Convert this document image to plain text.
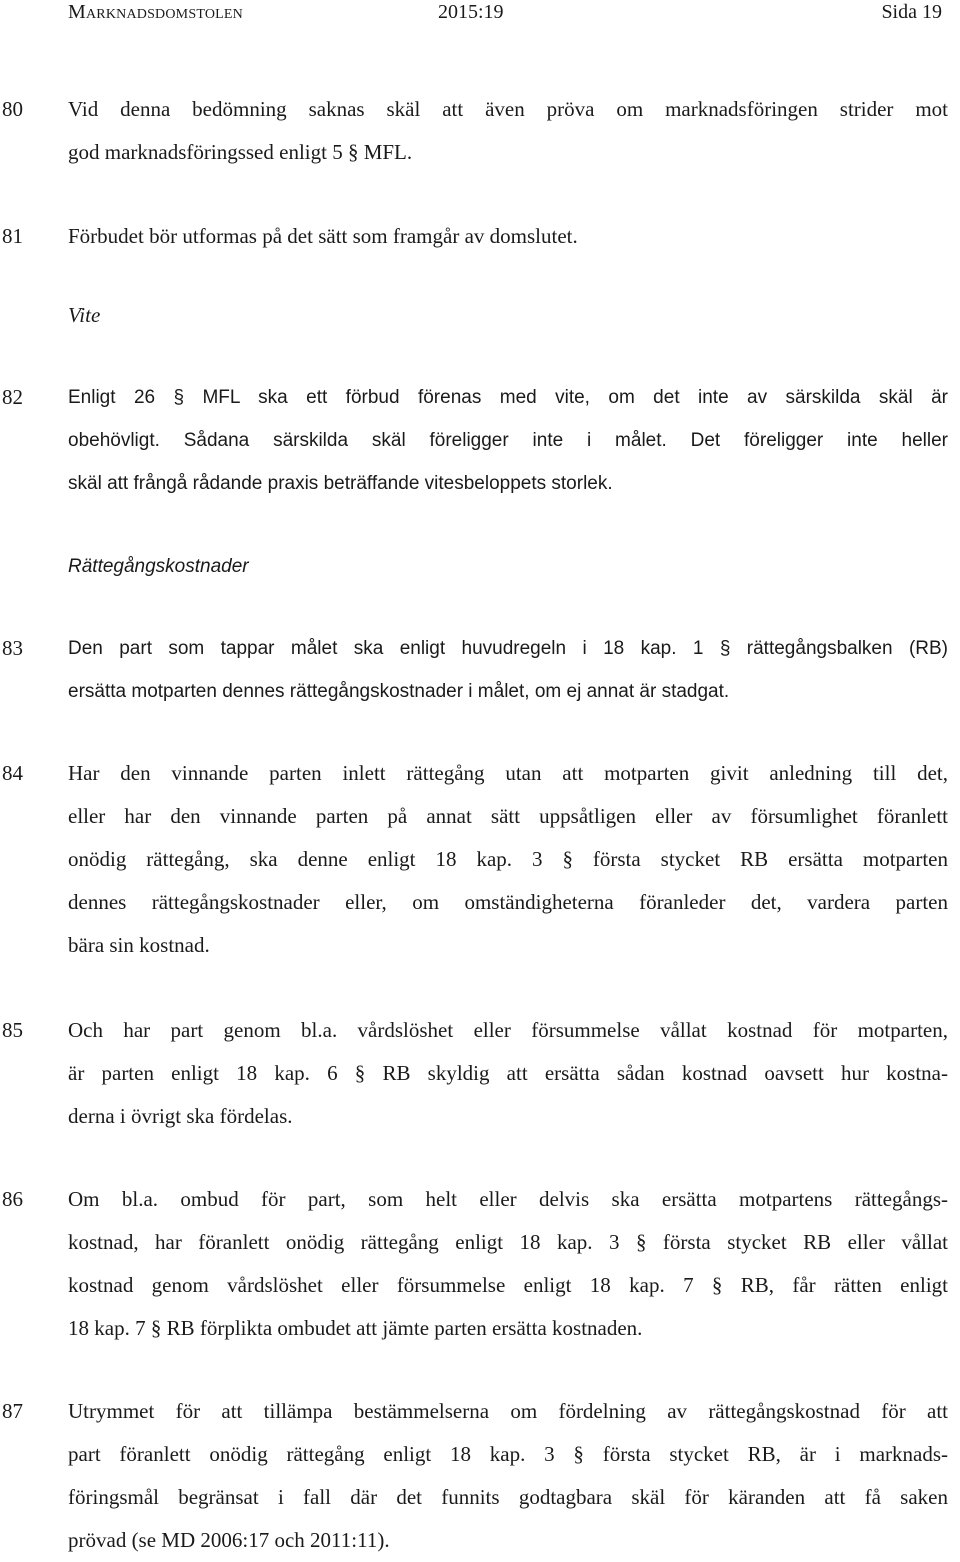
Marknadsdomstolen	2015:19	Sida 19
80	Vid denna bedömning saknas skäl att även pröva om marknadsföringen strider mot
god marknadsföringssed enligt 5 § MFL.
81	Förbudet bör utformas på det sätt som framgår av domslutet.
Vite
82	Enligt 26 § MFL ska ett förbud förenas med vite, om det inte av särskilda skäl är
obehövligt. Sådana särskilda skäl föreligger inte i målet. Det föreligger inte heller
skäl att frångå rådande praxis beträffande vitesbeloppets storlek.
Rättegångskostnader
83	Den part som tappar målet ska enligt huvudregeln i 18 kap. 1 § rättegångsbalken (RB)
ersätta motparten dennes rättegångskostnader i målet, om ej annat är stadgat.
84	Har den vinnande parten inlett rättegång utan att motparten givit anledning till det,
eller har den vinnande parten på annat sätt uppsåtligen eller av försumlighet föranlett
onödig rättegång, ska denne enligt 18 kap. 3 § första stycket RB ersätta motparten
dennes rättegångskostnader eller, om omständigheterna föranleder det, vardera parten
bära sin kostnad.
85	Och har part genom bl.a. vårdslöshet eller försummelse vållat kostnad för motparten,
är parten enligt 18 kap. 6 § RB skyldig att ersätta sådan kostnad oavsett hur kostna-
derna i övrigt ska fördelas.
86	Om bl.a. ombud för part, som helt eller delvis ska ersätta motpartens rättegångs-
kostnad, har föranlett onödig rättegång enligt 18 kap. 3 § första stycket RB eller vållat
kostnad genom vårdslöshet eller försummelse enligt 18 kap. 7 § RB, får rätten enligt
18 kap. 7 § RB förplikta ombudet att jämte parten ersätta kostnaden.
87	Utrymmet för att tillämpa bestämmelserna om fördelning av rättegångskostnad för att
part föranlett onödig rättegång enligt 18 kap. 3 § första stycket RB, är i marknads-
föringsmål begränsat i fall där det funnits godtagbara skäl för käranden att få saken
prövad (se MD 2006:17 och 2011:11).
